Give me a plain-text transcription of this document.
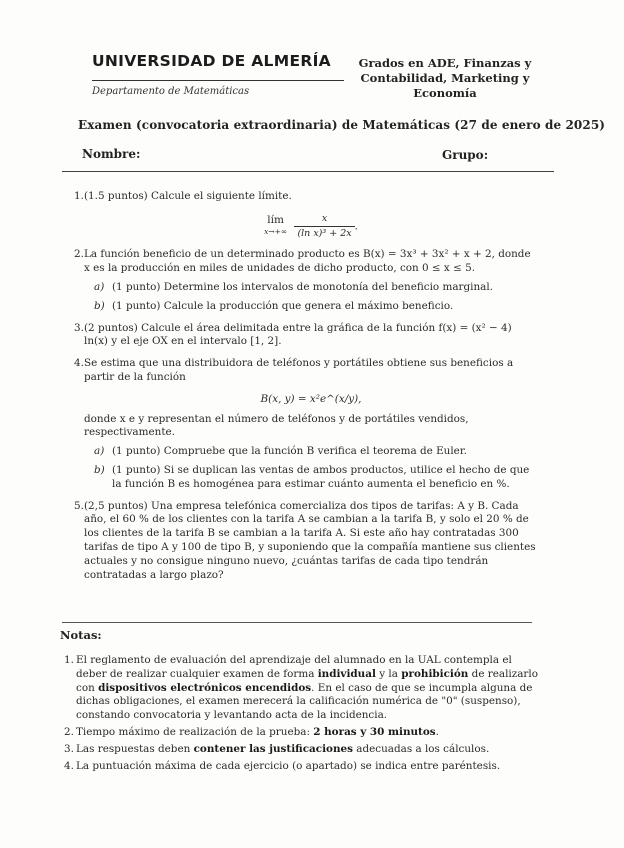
UNIVERSIDAD DE ALMERÍA
Departamento de Matemáticas
Grados en ADE, Finanzas y
Contabilidad, Marketing y
Economía
Examen (convocatoria extraordinaria) de Matemáticas (27 de enero de 2025)
Nombre:	Grupo:
1. (1.5 puntos) Calcule el siguiente límite.
lím
x→+∞
$\frac{x}{\text{(ln x)³ + 2x}}$ .
2. La función beneficio de un determinado producto es B(x) = 3x³ + 3x² + x + 2, donde x es la producción en miles de unidades de dicho producto, con 0 ≤ x ≤ 5.
a) (1 punto) Determine los intervalos de monotonía del beneficio marginal.
b) (1 punto) Calcule la producción que genera el máximo beneficio.
3. (2 puntos) Calcule el área delimitada entre la gráfica de la función f(x) = (x² − 4) ln(x) y el eje OX en el intervalo [1, 2].
4. Se estima que una distribuidora de teléfonos y portátiles obtiene sus beneficios a partir de la función
B(x, y) = x²e^(x/y),
donde x e y representan el número de teléfonos y de portátiles vendidos, respectivamente.
a) (1 punto) Compruebe que la función B verifica el teorema de Euler.
b) (1 punto) Si se duplican las ventas de ambos productos, utilice el hecho de que la función B es homogénea para estimar cuánto aumenta el beneficio en %.
5. (2,5 puntos) Una empresa telefónica comercializa dos tipos de tarifas: A y B. Cada año, el 60 % de los clientes con la tarifa A se cambian a la tarifa B, y solo el 20 % de los clientes de la tarifa B se cambian a la tarifa A. Si este año hay contratadas 300 tarifas de tipo A y 100 de tipo B, y suponiendo que la compañía mantiene sus clientes actuales y no consigue ninguno nuevo, ¿cuántas tarifas de cada tipo tendrán contratadas a largo plazo?
Notas:
1. El reglamento de evaluación del aprendizaje del alumnado en la UAL contempla el deber de realizar cualquier examen de forma individual y la prohibición de realizarlo con dispositivos electrónicos encendidos. En el caso de que se incumpla alguna de dichas obligaciones, el examen merecerá la calificación numérica de "0" (suspenso), constando convocatoria y levantando acta de la incidencia.
2. Tiempo máximo de realización de la prueba: 2 horas y 30 minutos.
3. Las respuestas deben contener las justificaciones adecuadas a los cálculos.
4. La puntuación máxima de cada ejercicio (o apartado) se indica entre paréntesis.
